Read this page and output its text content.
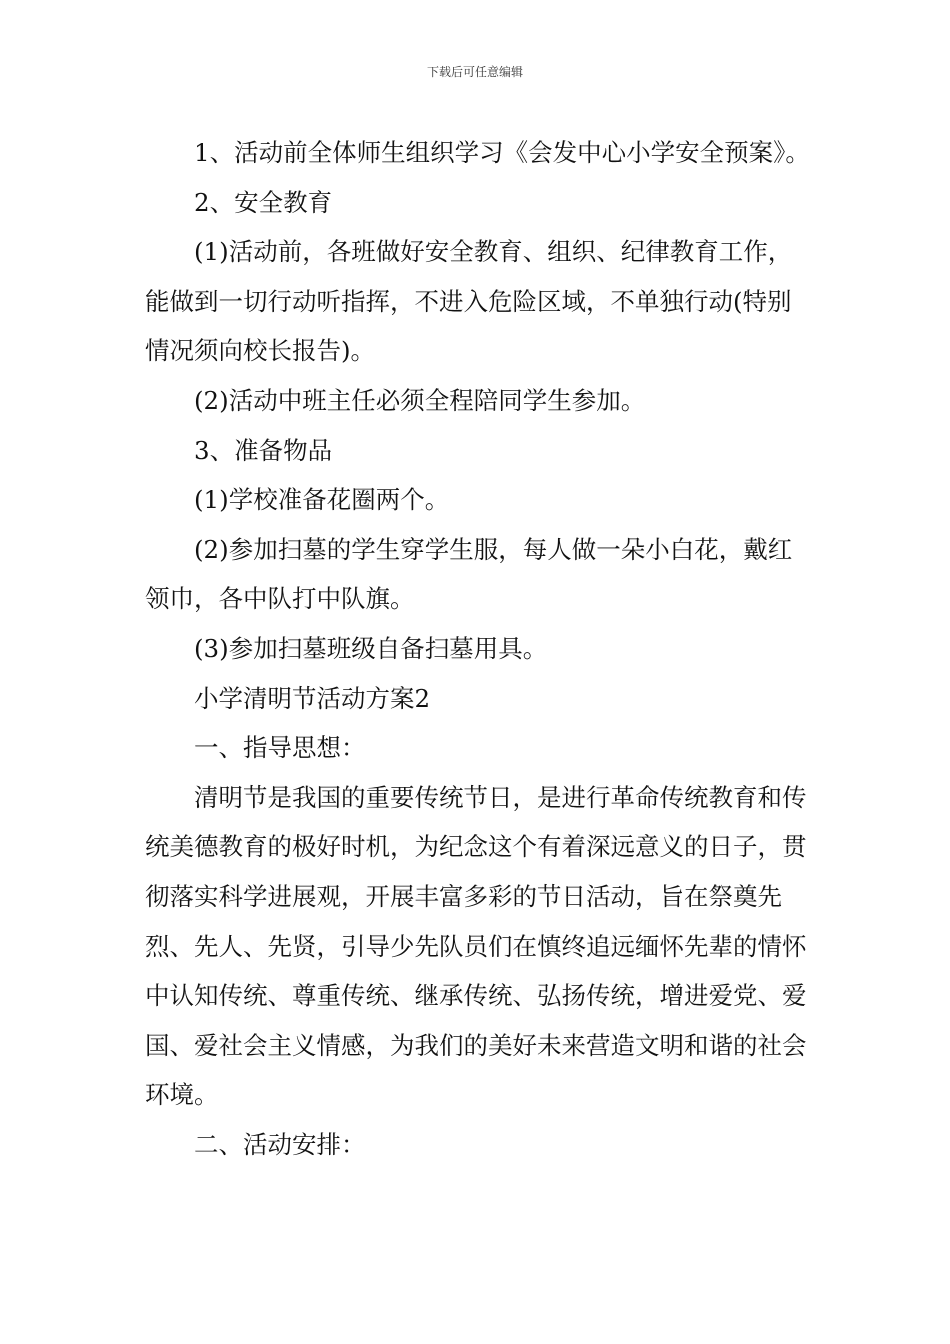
下载后可任意编辑

1、活动前全体师生组织学习《会发中心小学安全预案》。

2、安全教育

(1)活动前，各班做好安全教育、组织、纪律教育工作，能做到一切行动听指挥，不进入危险区域，不单独行动(特别情况须向校长报告)。

(2)活动中班主任必须全程陪同学生参加。

3、准备物品

(1)学校准备花圈两个。

(2)参加扫墓的学生穿学生服，每人做一朵小白花，戴红领巾，各中队打中队旗。

(3)参加扫墓班级自备扫墓用具。

小学清明节活动方案2

一、指导思想：

清明节是我国的重要传统节日，是进行革命传统教育和传统美德教育的极好时机，为纪念这个有着深远意义的日子，贯彻落实科学进展观，开展丰富多彩的节日活动，旨在祭奠先烈、先人、先贤，引导少先队员们在慎终追远缅怀先辈的情怀中认知传统、尊重传统、继承传统、弘扬传统，增进爱党、爱国、爱社会主义情感，为我们的美好未来营造文明和谐的社会环境。

二、活动安排：
